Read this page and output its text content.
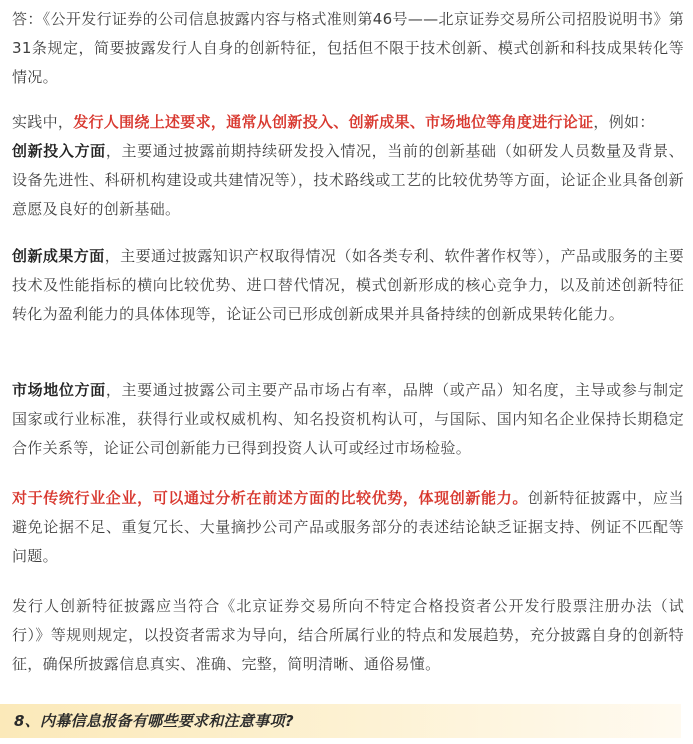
答：《公开发行证券的公司信息披露内容与格式准则第46号——北京证券交易所公司招股说明书》第31条规定，简要披露发行人自身的创新特征，包括但不限于技术创新、模式创新和科技成果转化等情况。

实践中，发行人围绕上述要求，通常从创新投入、创新成果、市场地位等角度进行论证，例如：
创新投入方面，主要通过披露前期持续研发投入情况，当前的创新基础（如研发人员数量及背景、设备先进性、科研机构建设或共建情况等），技术路线或工艺的比较优势等方面，论证企业具备创新意愿及良好的创新基础。

创新成果方面，主要通过披露知识产权取得情况（如各类专利、软件著作权等），产品或服务的主要技术及性能指标的横向比较优势、进口替代情况，模式创新形成的核心竞争力，以及前述创新特征转化为盈利能力的具体体现等，论证公司已形成创新成果并具备持续的创新成果转化能力。

市场地位方面，主要通过披露公司主要产品市场占有率，品牌（或产品）知名度，主导或参与制定国家或行业标准，获得行业或权威机构、知名投资机构认可，与国际、国内知名企业保持长期稳定合作关系等，论证公司创新能力已得到投资人认可或经过市场检验。

对于传统行业企业，可以通过分析在前述方面的比较优势，体现创新能力。创新特征披露中，应当避免论据不足、重复冗长、大量摘抄公司产品或服务部分的表述结论缺乏证据支持、例证不匹配等问题。

发行人创新特征披露应当符合《北京证券交易所向不特定合格投资者公开发行股票注册办法（试行）》等规则规定，以投资者需求为导向，结合所属行业的特点和发展趋势，充分披露自身的创新特征，确保所披露信息真实、准确、完整，简明清晰、通俗易懂。

8、内幕信息报备有哪些要求和注意事项?
